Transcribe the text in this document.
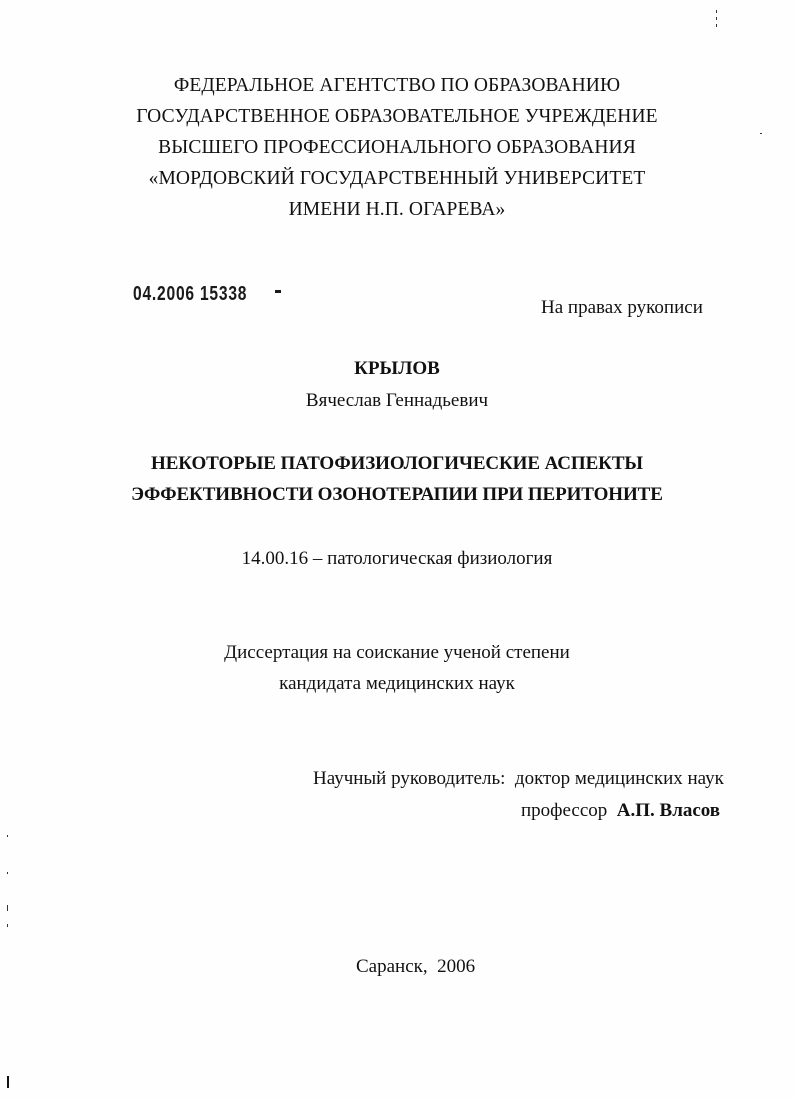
ФЕДЕРАЛЬНОЕ АГЕНТСТВО ПО ОБРАЗОВАНИЮ
ГОСУДАРСТВЕННОЕ ОБРАЗОВАТЕЛЬНОЕ УЧРЕЖДЕНИЕ
ВЫСШЕГО ПРОФЕССИОНАЛЬНОГО ОБРАЗОВАНИЯ
«МОРДОВСКИЙ ГОСУДАРСТВЕННЫЙ УНИВЕРСИТЕТ
ИМЕНИ Н.П. ОГАРЕВА»
04.2006 15338
На правах рукописи
КРЫЛОВ
Вячеслав Геннадьевич
НЕКОТОРЫЕ ПАТОФИЗИОЛОГИЧЕСКИЕ АСПЕКТЫ
ЭФФЕКТИВНОСТИ ОЗОНОТЕРАПИИ ПРИ ПЕРИТОНИТЕ
14.00.16 – патологическая физиология
Диссертация на соискание ученой степени
кандидата медицинских наук
Научный руководитель: доктор медицинских наук
профессор А.П. Власов
Саранск,  2006
